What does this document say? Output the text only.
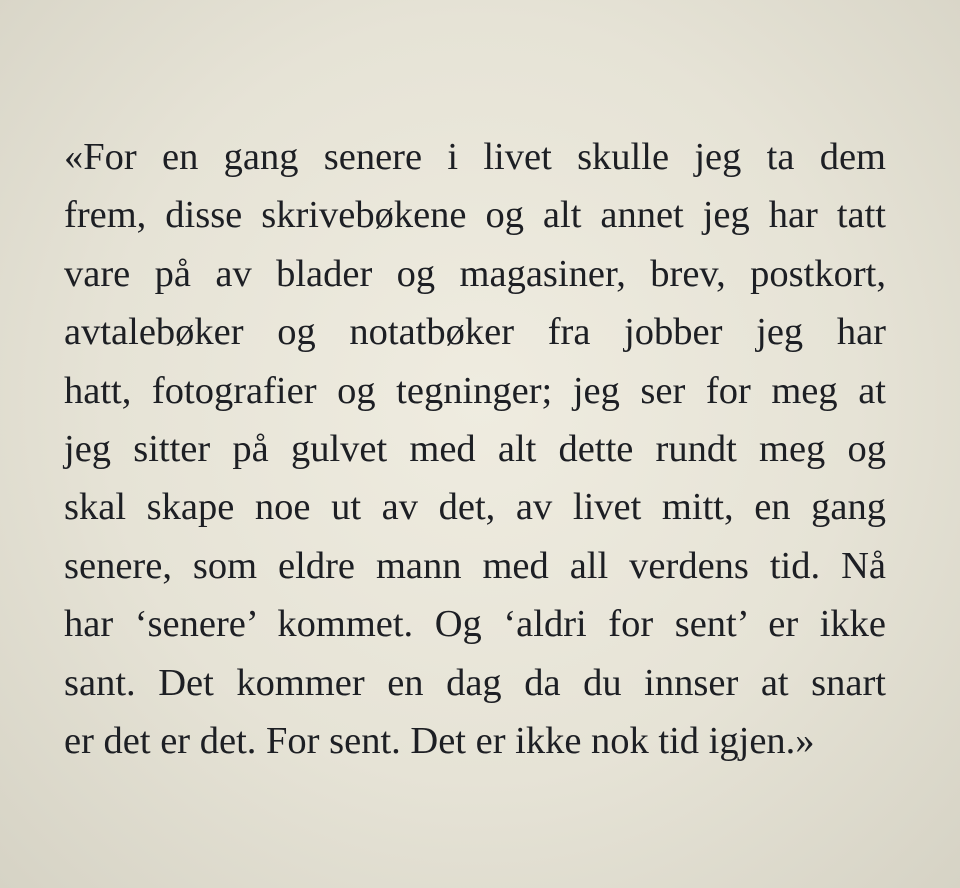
«For en gang senere i livet skulle jeg ta dem
frem, disse skrivebøkene og alt annet jeg har tatt
vare på av blader og magasiner, brev, postkort,
avtalebøker og notatbøker fra jobber jeg har
hatt, fotografier og tegninger; jeg ser for meg at
jeg sitter på gulvet med alt dette rundt meg og
skal skape noe ut av det, av livet mitt, en gang
senere, som eldre mann med all verdens tid. Nå
har ‘senere’ kommet. Og ‘aldri for sent’ er ikke
sant. Det kommer en dag da du innser at snart
er det er det. For sent. Det er ikke nok tid igjen.»
